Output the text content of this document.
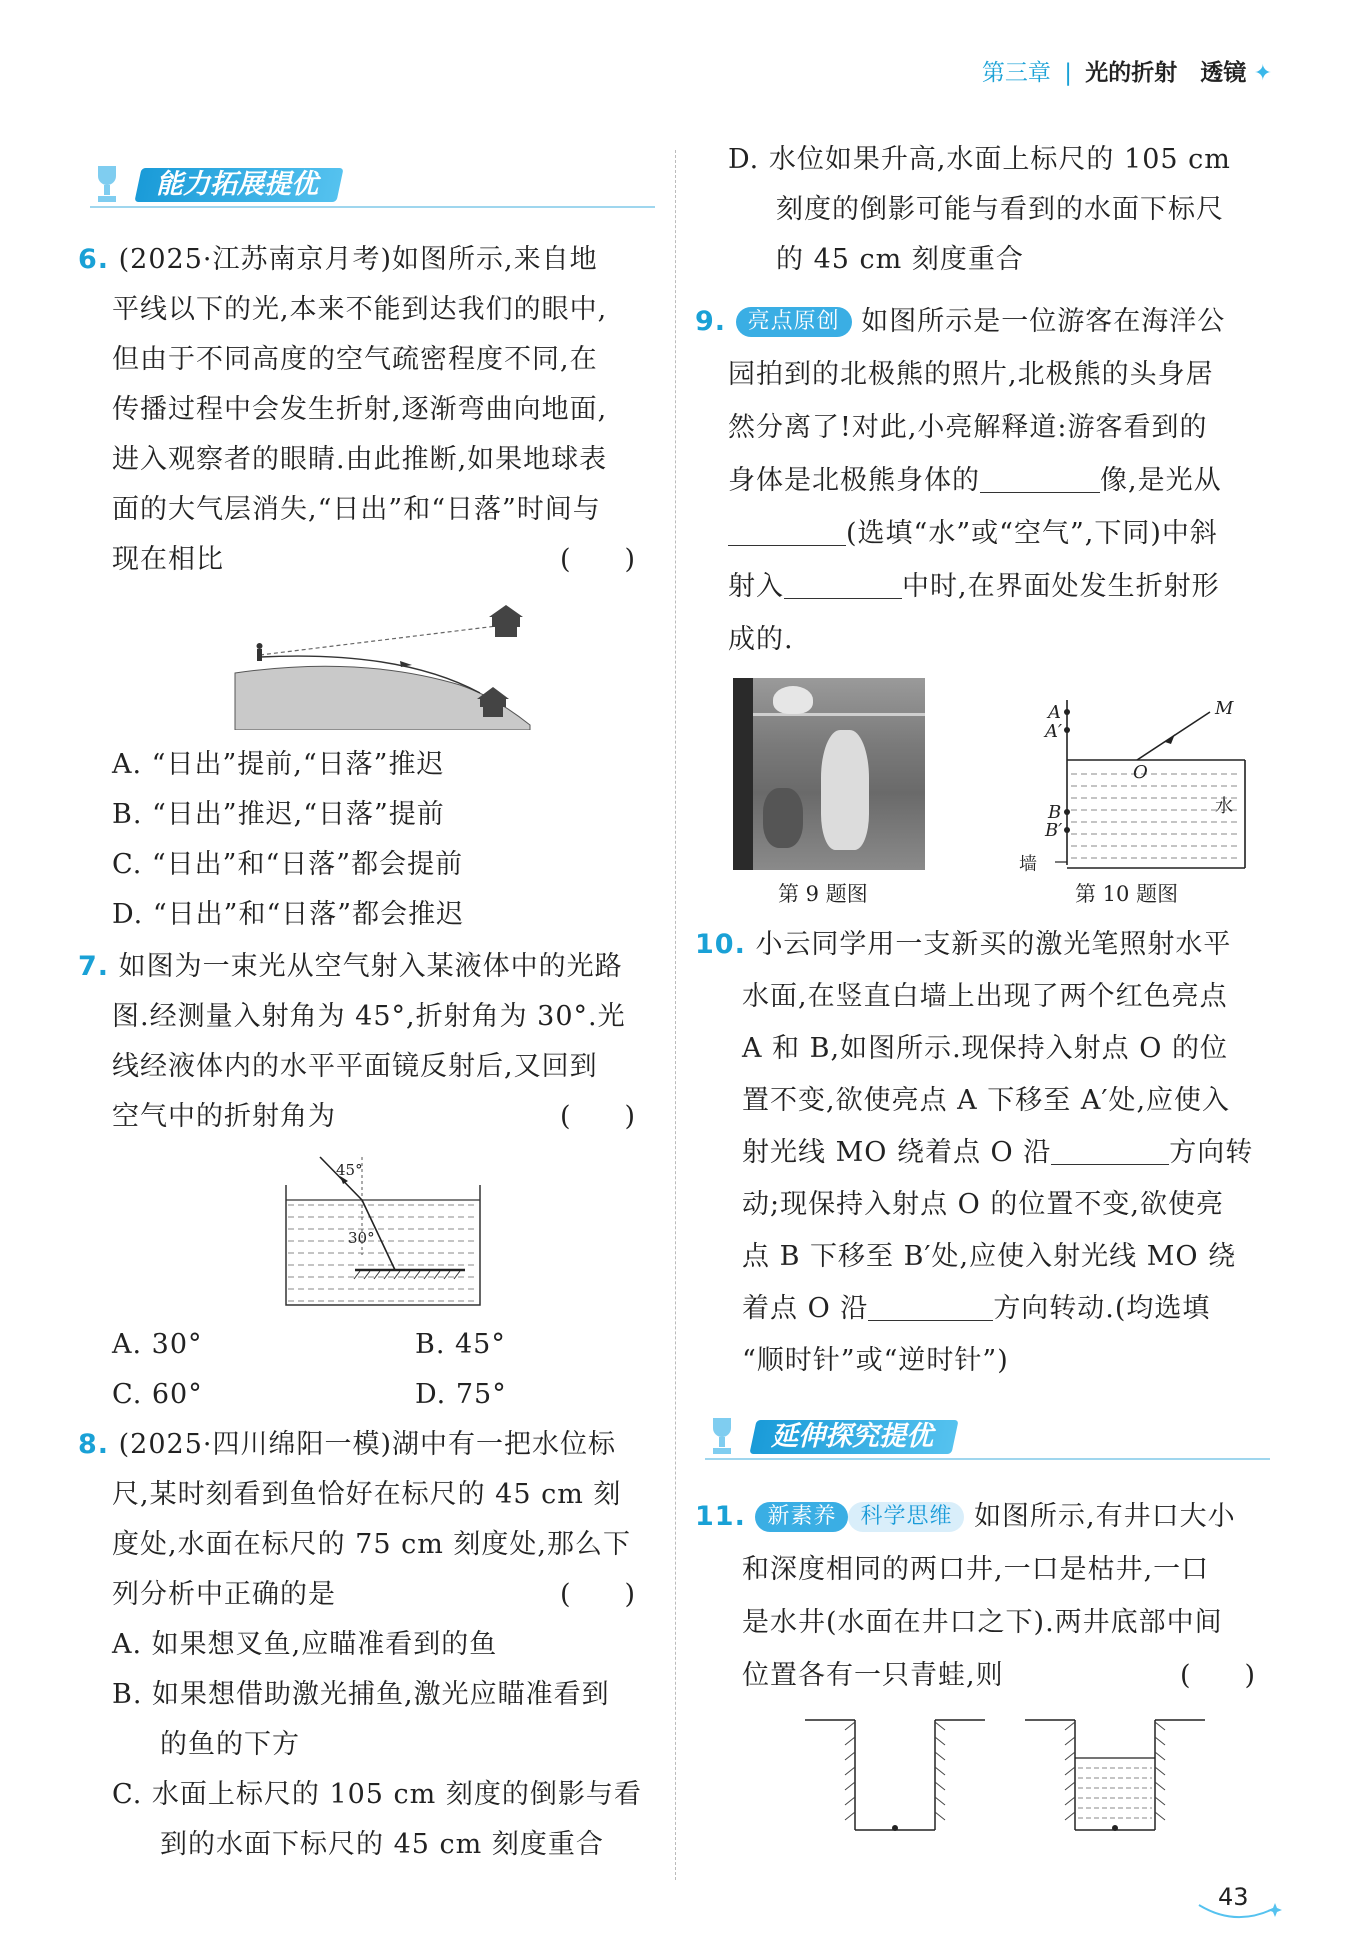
第三章 | 光的折射　透镜 ✦
能力拓展提优
6. (2025·江苏南京月考)如图所示,来自地
平线以下的光,本来不能到达我们的眼中,
但由于不同高度的空气疏密程度不同,在
传播过程中会发生折射,逐渐弯曲向地面,
进入观察者的眼睛.由此推断,如果地球表
面的大气层消失,“日出”和“日落”时间与
现在相比	(　　)
A. “日出”提前,“日落”推迟
B. “日出”推迟,“日落”提前
C. “日出”和“日落”都会提前
D. “日出”和“日落”都会推迟
7. 如图为一束光从空气射入某液体中的光路
图.经测量入射角为 45°,折射角为 30°.光
线经液体内的水平平面镜反射后,又回到
空气中的折射角为	(　　)
45°
30°
A. 30°	B. 45°
C. 60°	D. 75°
8. (2025·四川绵阳一模)湖中有一把水位标
尺,某时刻看到鱼恰好在标尺的 45 cm 刻
度处,水面在标尺的 75 cm 刻度处,那么下
列分析中正确的是	(　　)
A. 如果想叉鱼,应瞄准看到的鱼
B. 如果想借助激光捕鱼,激光应瞄准看到
的鱼的下方
C. 水面上标尺的 105 cm 刻度的倒影与看
到的水面下标尺的 45 cm 刻度重合
D. 水位如果升高,水面上标尺的 105 cm
刻度的倒影可能与看到的水面下标尺
的 45 cm 刻度重合
9. 亮点原创 如图所示是一位游客在海洋公
园拍到的北极熊的照片,北极熊的头身居
然分离了!对此,小亮解释道:游客看到的
身体是北极熊身体的	像,是光从
(选填“水”或“空气”,下同)中斜
射入	中时,在界面处发生折射形
成的.
第 9 题图
A
A′
M
O
B
B′
水
墙
第 10 题图
10. 小云同学用一支新买的激光笔照射水平
水面,在竖直白墙上出现了两个红色亮点
A 和 B,如图所示.现保持入射点 O 的位
置不变,欲使亮点 A 下移至 A′处,应使入
射光线 MO 绕着点 O 沿	方向转
动;现保持入射点 O 的位置不变,欲使亮
点 B 下移至 B′处,应使入射光线 MO 绕
着点 O 沿	方向转动.(均选填
“顺时针”或“逆时针”)
延伸探究提优
11. 新素养 科学思维 如图所示,有井口大小
和深度相同的两口井,一口是枯井,一口
是水井(水面在井口之下).两井底部中间
位置各有一只青蛙,则	(　　)
43
